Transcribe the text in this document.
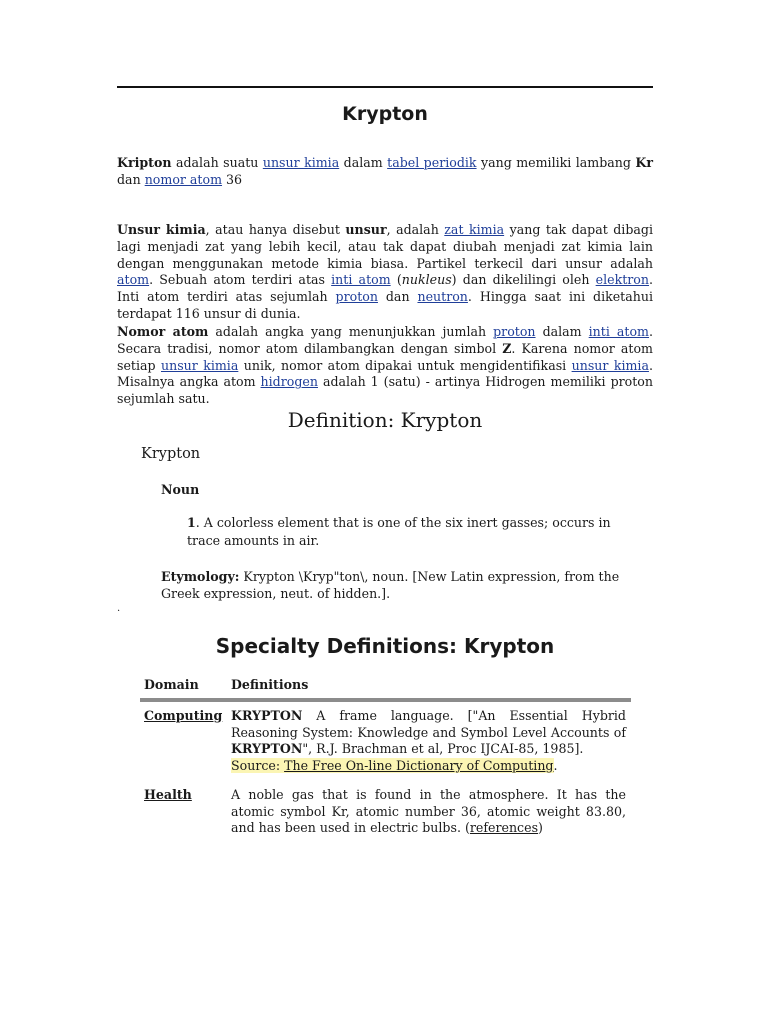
Krypton

Kripton adalah suatu unsur kimia dalam tabel periodik yang memiliki lambang Kr dan nomor atom 36

Unsur kimia, atau hanya disebut unsur, adalah zat kimia yang tak dapat dibagi lagi menjadi zat yang lebih kecil, atau tak dapat diubah menjadi zat kimia lain dengan menggunakan metode kimia biasa. Partikel terkecil dari unsur adalah atom. Sebuah atom terdiri atas inti atom (nukleus) dan dikelilingi oleh elektron. Inti atom terdiri atas sejumlah proton dan neutron. Hingga saat ini diketahui terdapat 116 unsur di dunia.

Nomor atom adalah angka yang menunjukkan jumlah proton dalam inti atom. Secara tradisi, nomor atom dilambangkan dengan simbol Z. Karena nomor atom setiap unsur kimia unik, nomor atom dipakai untuk mengidentifikasi unsur kimia. Misalnya angka atom hidrogen adalah 1 (satu) - artinya Hidrogen memiliki proton sejumlah satu.

Definition: Krypton
Krypton
Noun

1. A colorless element that is one of the six inert gasses; occurs in trace amounts in air.

Etymology: Krypton \Kryp"ton\, noun. [New Latin expression, from the Greek expression, neut. of hidden.].

.
Specialty Definitions: Krypton
Domain	Definitions
Computing KRYPTON A frame language. ["An Essential Hybrid Reasoning System: Knowledge and Symbol Level Accounts of KRYPTON", R.J. Brachman et al, Proc IJCAI-85, 1985].
Source: The Free On-line Dictionary of Computing.

Health	A noble gas that is found in the atmosphere. It has the atomic symbol Kr, atomic number 36, atomic weight 83.80, and has been used in electric bulbs. (references)
